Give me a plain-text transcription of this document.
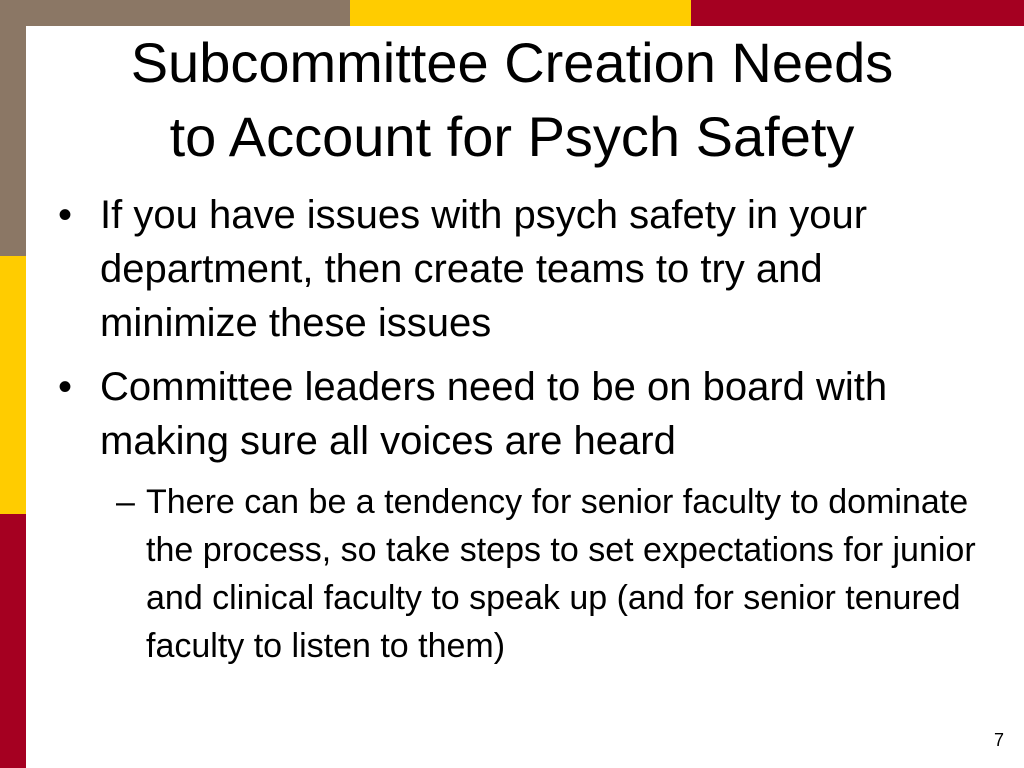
Subcommittee Creation Needs
to Account for Psych Safety

• If you have issues with psych safety in your department, then create teams to try and minimize these issues

• Committee leaders need to be on board with making sure all voices are heard

– There can be a tendency for senior faculty to dominate the process, so take steps to set expectations for junior and clinical faculty to speak up (and for senior tenured faculty to listen to them)

7
